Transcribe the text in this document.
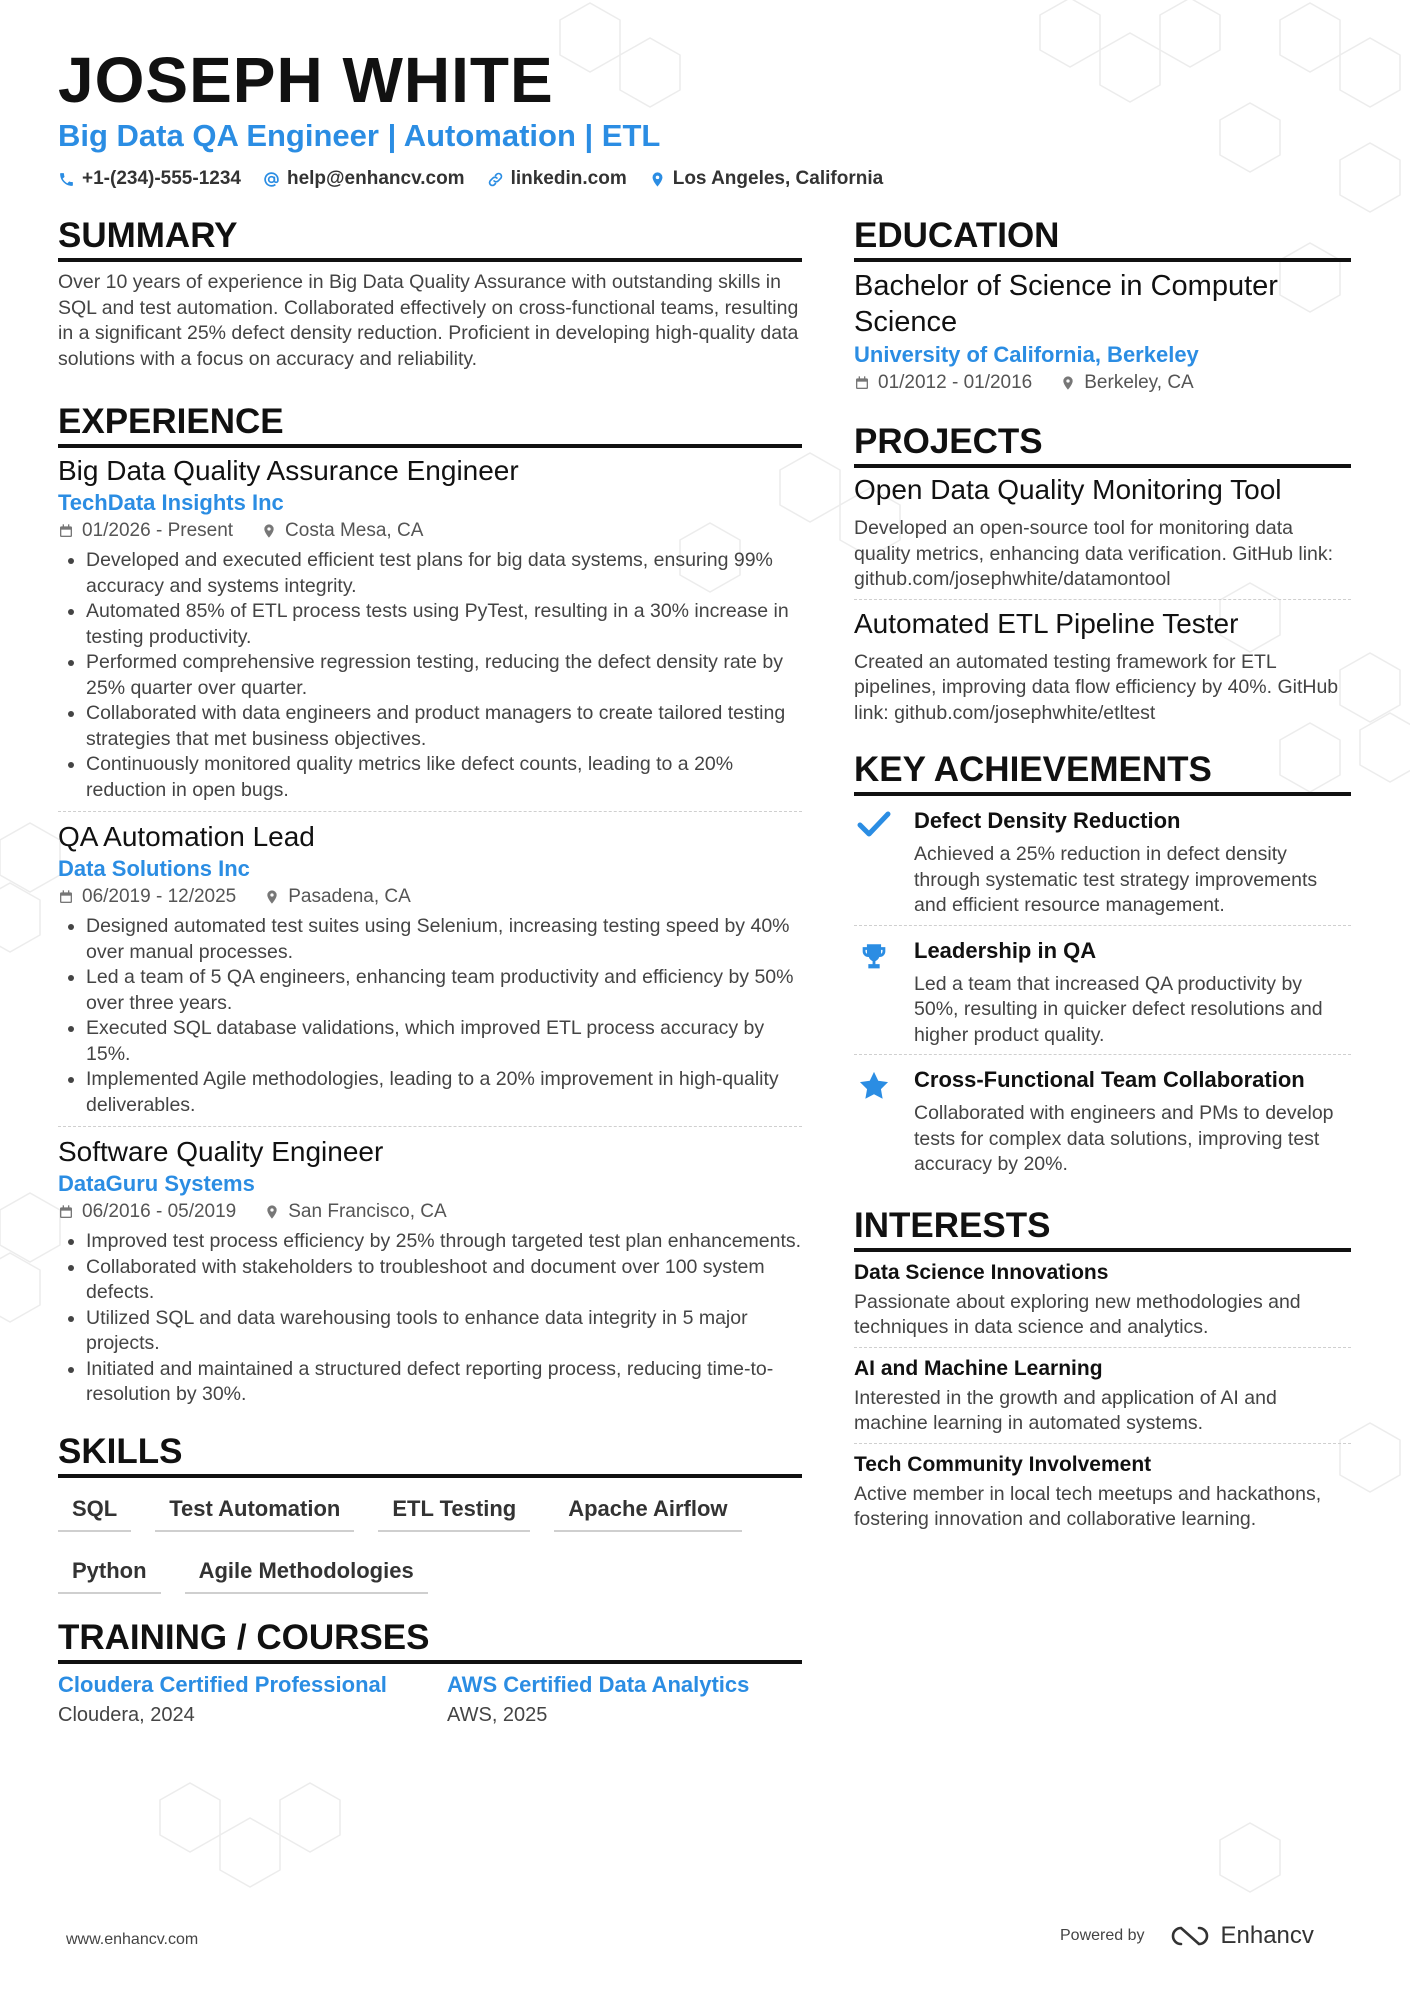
JOSEPH WHITE
Big Data QA Engineer | Automation | ETL
+1-(234)-555-1234 help@enhancv.com linkedin.com Los Angeles, California
SUMMARY
Over 10 years of experience in Big Data Quality Assurance with outstanding skills in SQL and test automation. Collaborated effectively on cross-functional teams, resulting in a significant 25% defect density reduction. Proficient in developing high-quality data solutions with a focus on accuracy and reliability.
EXPERIENCE
Big Data Quality Assurance Engineer
TechData Insights Inc
01/2026 - Present	Costa Mesa, CA
• Developed and executed efficient test plans for big data systems, ensuring 99% accuracy and systems integrity.
• Automated 85% of ETL process tests using PyTest, resulting in a 30% increase in testing productivity.
• Performed comprehensive regression testing, reducing the defect density rate by 25% quarter over quarter.
• Collaborated with data engineers and product managers to create tailored testing strategies that met business objectives.
• Continuously monitored quality metrics like defect counts, leading to a 20% reduction in open bugs.
QA Automation Lead
Data Solutions Inc
06/2019 - 12/2025	Pasadena, CA
• Designed automated test suites using Selenium, increasing testing speed by 40% over manual processes.
• Led a team of 5 QA engineers, enhancing team productivity and efficiency by 50% over three years.
• Executed SQL database validations, which improved ETL process accuracy by 15%.
• Implemented Agile methodologies, leading to a 20% improvement in high-quality deliverables.
Software Quality Engineer
DataGuru Systems
06/2016 - 05/2019	San Francisco, CA
• Improved test process efficiency by 25% through targeted test plan enhancements.
• Collaborated with stakeholders to troubleshoot and document over 100 system defects.
• Utilized SQL and data warehousing tools to enhance data integrity in 5 major projects.
• Initiated and maintained a structured defect reporting process, reducing time-to-resolution by 30%.
SKILLS
SQL	Test Automation	ETL Testing	Apache Airflow
Python	Agile Methodologies
TRAINING / COURSES
Cloudera Certified Professional
Cloudera, 2024
AWS Certified Data Analytics
AWS, 2025
EDUCATION
Bachelor of Science in Computer Science
University of California, Berkeley
01/2012 - 01/2016	Berkeley, CA
PROJECTS
Open Data Quality Monitoring Tool
Developed an open-source tool for monitoring data quality metrics, enhancing data verification. GitHub link: github.com/josephwhite/datamontool
Automated ETL Pipeline Tester
Created an automated testing framework for ETL pipelines, improving data flow efficiency by 40%. GitHub link: github.com/josephwhite/etltest
KEY ACHIEVEMENTS
Defect Density Reduction
Achieved a 25% reduction in defect density through systematic test strategy improvements and efficient resource management.
Leadership in QA
Led a team that increased QA productivity by 50%, resulting in quicker defect resolutions and higher product quality.
Cross-Functional Team Collaboration
Collaborated with engineers and PMs to develop tests for complex data solutions, improving test accuracy by 20%.
INTERESTS
Data Science Innovations
Passionate about exploring new methodologies and techniques in data science and analytics.
AI and Machine Learning
Interested in the growth and application of AI and machine learning in automated systems.
Tech Community Involvement
Active member in local tech meetups and hackathons, fostering innovation and collaborative learning.
www.enhancv.com	Powered by	Enhancv
